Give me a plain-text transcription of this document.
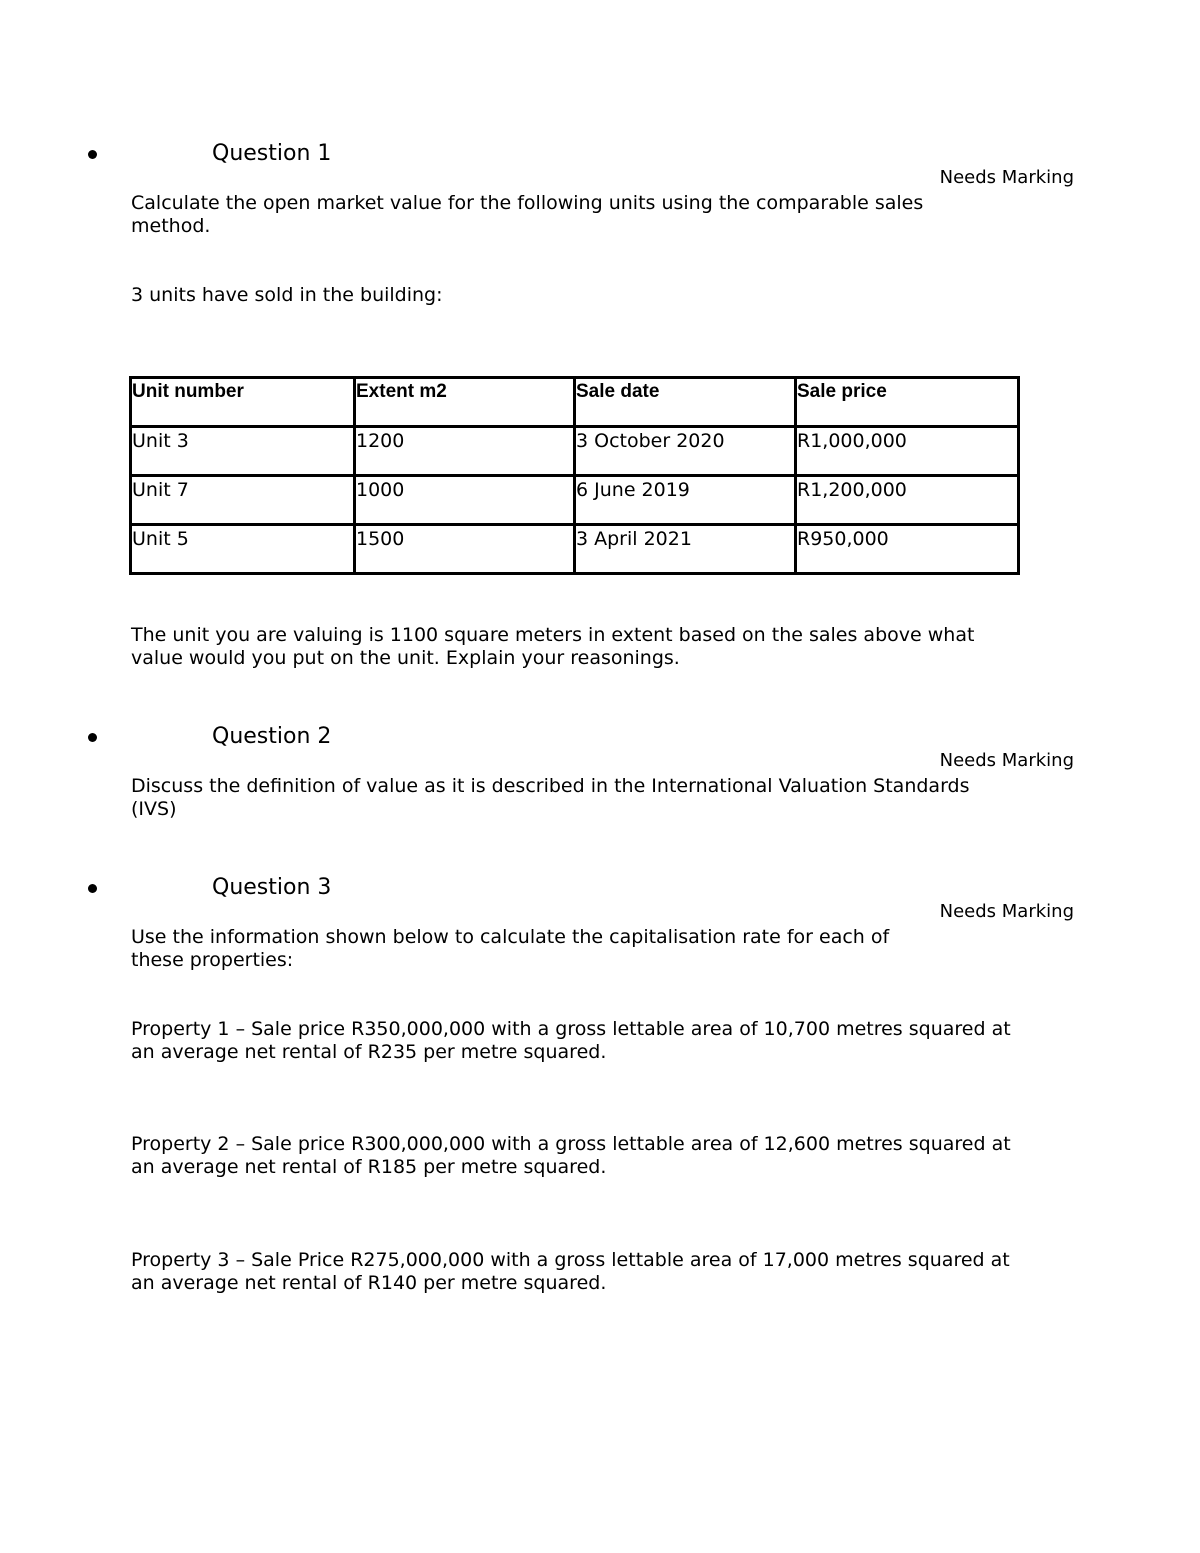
Question 1
Needs Marking
Calculate the open market value for the following units using the comparable sales method.
3 units have sold in the building:
Unit number	Extent m2	Sale date	Sale price
Unit 3	1200	3 October 2020	R1,000,000
Unit 7	1000	6 June 2019	R1,200,000
Unit 5	1500	3 April 2021	R950,000
The unit you are valuing is 1100 square meters in extent based on the sales above what value would you put on the unit. Explain your reasonings.
Question 2
Needs Marking
Discuss the definition of value as it is described in the International Valuation Standards (IVS)
Question 3
Needs Marking
Use the information shown below to calculate the capitalisation rate for each of these properties:
Property 1 – Sale price R350,000,000 with a gross lettable area of 10,700 metres squared at an average net rental of R235 per metre squared.
Property 2 – Sale price R300,000,000 with a gross lettable area of 12,600 metres squared at an average net rental of R185 per metre squared.
Property 3 – Sale Price R275,000,000 with a gross lettable area of 17,000 metres squared at an average net rental of R140 per metre squared.
